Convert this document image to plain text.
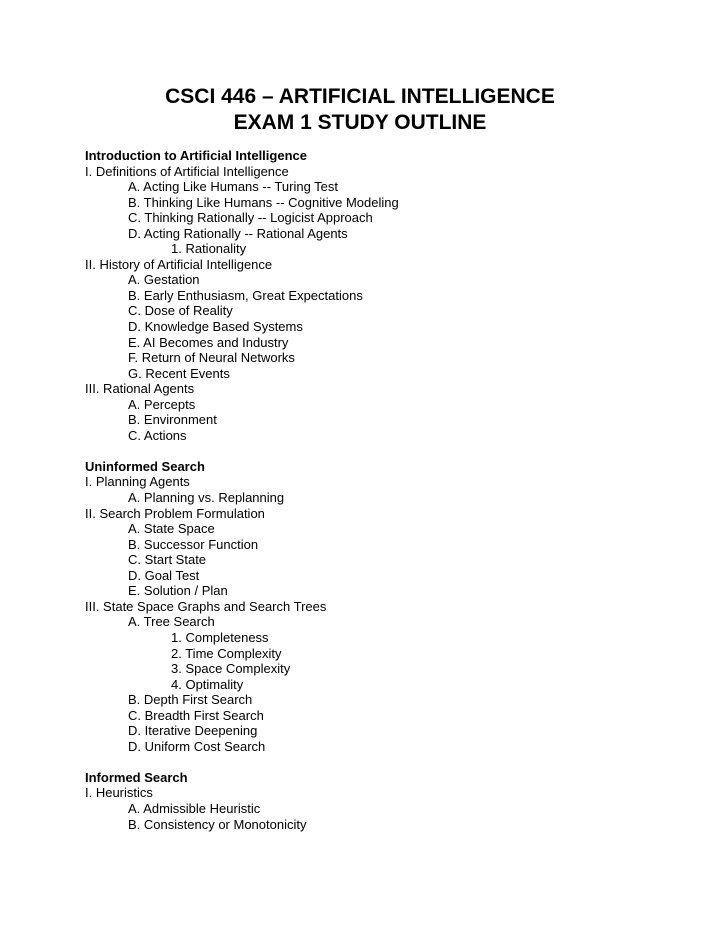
CSCI 446 – ARTIFICIAL INTELLIGENCE
EXAM 1 STUDY OUTLINE
Introduction to Artificial Intelligence
I. Definitions of Artificial Intelligence
A. Acting Like Humans -- Turing Test
B. Thinking Like Humans -- Cognitive Modeling
C. Thinking Rationally -- Logicist Approach
D. Acting Rationally -- Rational Agents
1. Rationality
II. History of Artificial Intelligence
A. Gestation
B. Early Enthusiasm, Great Expectations
C. Dose of Reality
D. Knowledge Based Systems
E. AI Becomes and Industry
F. Return of Neural Networks
G. Recent Events
III. Rational Agents
A. Percepts
B. Environment
C. Actions
Uninformed Search
I. Planning Agents
A. Planning vs. Replanning
II. Search Problem Formulation
A. State Space
B. Successor Function
C. Start State
D. Goal Test
E. Solution / Plan
III. State Space Graphs and Search Trees
A. Tree Search
1. Completeness
2. Time Complexity
3. Space Complexity
4. Optimality
B. Depth First Search
C. Breadth First Search
D. Iterative Deepening
D. Uniform Cost Search
Informed Search
I. Heuristics
A. Admissible Heuristic
B. Consistency or Monotonicity
